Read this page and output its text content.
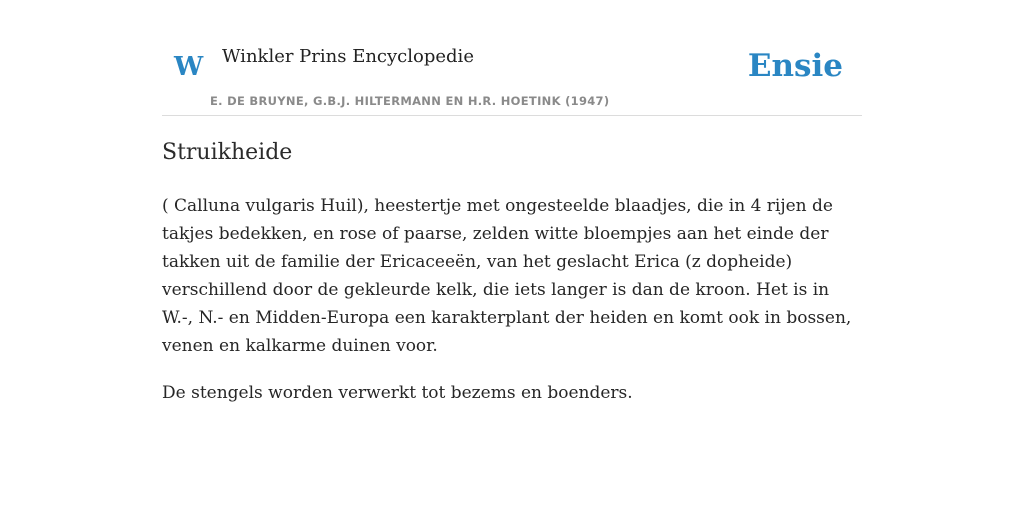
W Winkler Prins Encyclopedie
E. DE BRUYNE, G.B.J. HILTERMANN EN H.R. HOETINK (1947)
Ensie
Struikheide

( Calluna vulgaris Huil), heestertje met ongesteelde blaadjes, die in 4 rijen de takjes bedekken, en rose of paarse, zelden witte bloempjes aan het einde der takken uit de familie der Ericaceeën, van het geslacht Erica (z dopheide) verschillend door de gekleurde kelk, die iets langer is dan de kroon. Het is in W.-, N.- en Midden-Europa een karakterplant der heiden en komt ook in bossen, venen en kalkarme duinen voor.

De stengels worden verwerkt tot bezems en boenders.
